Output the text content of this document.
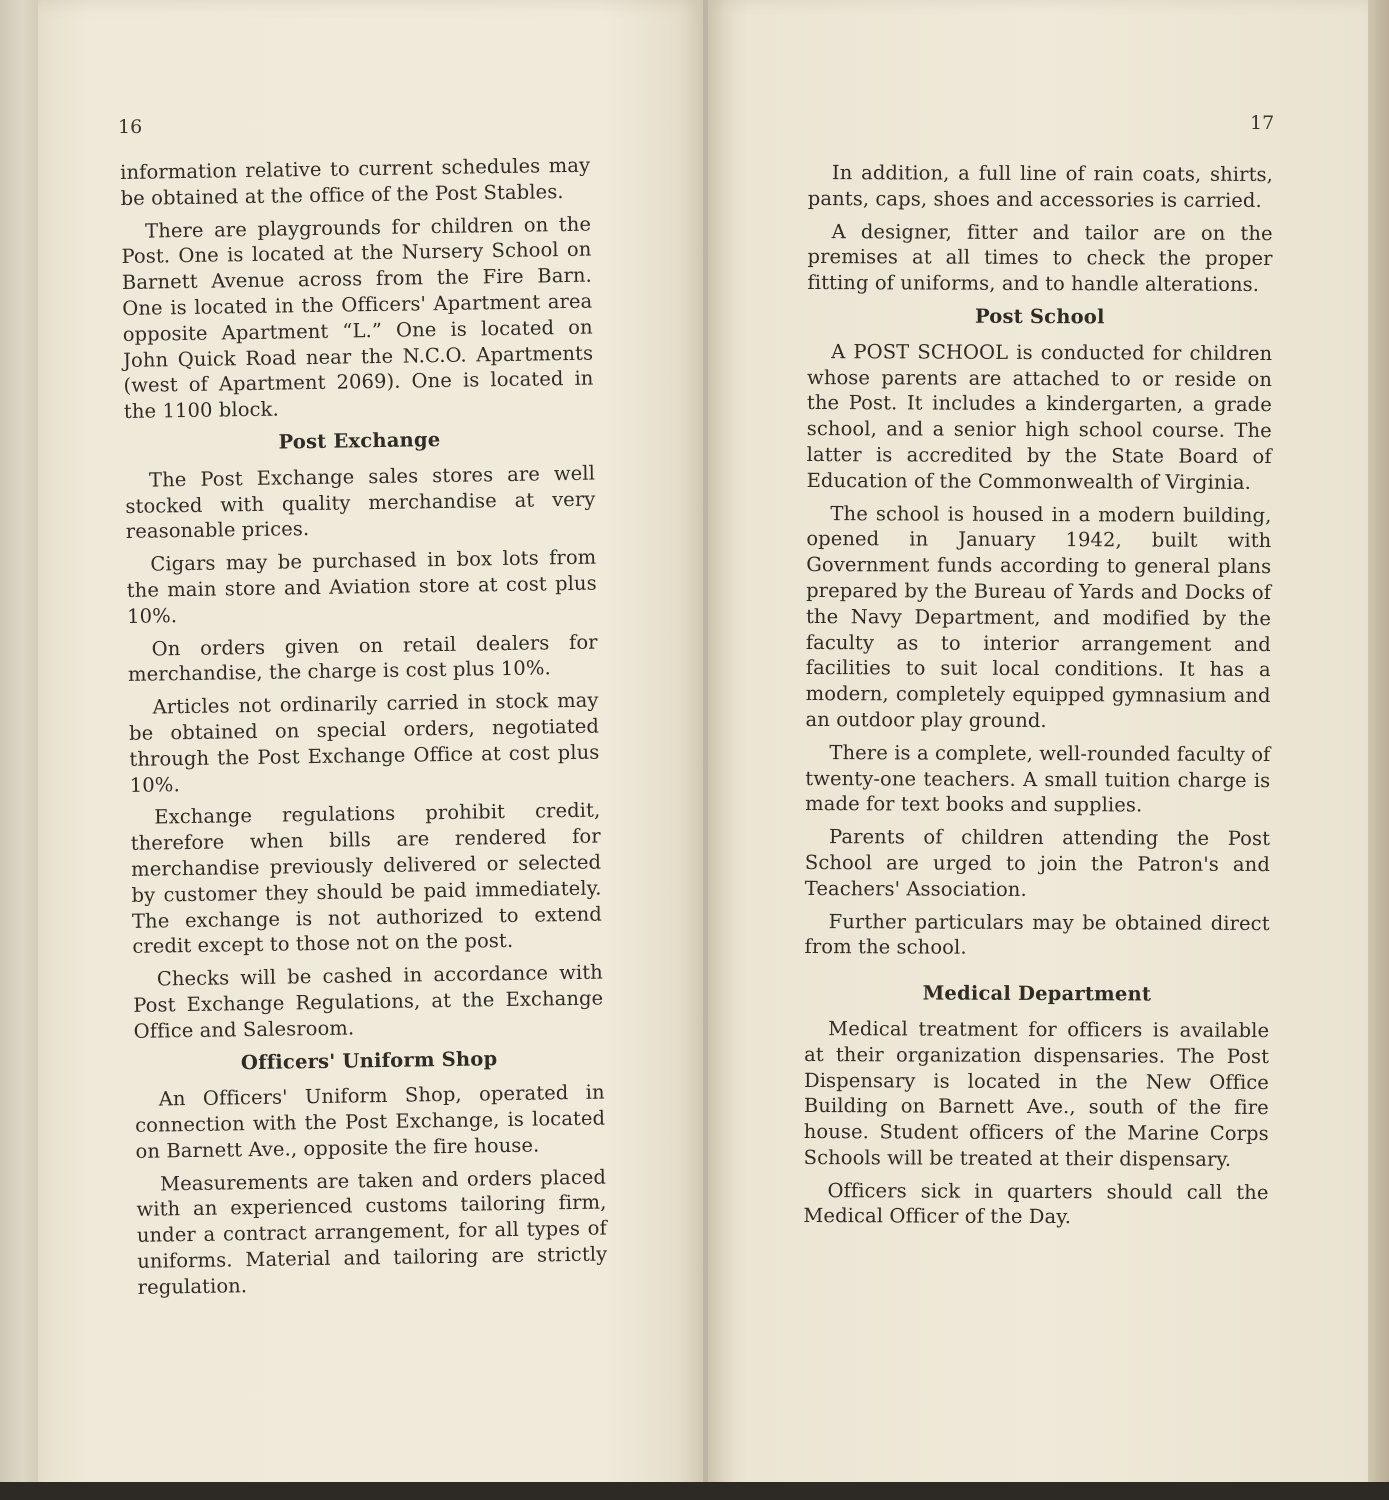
16

information relative to current schedules may be obtained at the office of the Post Stables.

There are playgrounds for children on the Post. One is located at the Nursery School on Barnett Avenue across from the Fire Barn. One is located in the Officers' Apartment area opposite Apartment “L.” One is located on John Quick Road near the N.C.O. Apartments (west of Apartment 2069). One is located in the 1100 block.

Post Exchange

The Post Exchange sales stores are well stocked with quality merchandise at very reasonable prices.

Cigars may be purchased in box lots from the main store and Aviation store at cost plus 10%.

On orders given on retail dealers for merchandise, the charge is cost plus 10%.

Articles not ordinarily carried in stock may be obtained on special orders, negotiated through the Post Exchange Office at cost plus 10%.

Exchange regulations prohibit credit, therefore when bills are rendered for merchandise previously delivered or selected by customer they should be paid immediately. The exchange is not authorized to extend credit except to those not on the post.

Checks will be cashed in accordance with Post Exchange Regulations, at the Exchange Office and Salesroom.

Officers' Uniform Shop

An Officers' Uniform Shop, operated in connection with the Post Exchange, is located on Barnett Ave., opposite the fire house.

Measurements are taken and orders placed with an experienced customs tailoring firm, under a contract arrangement, for all types of uniforms. Material and tailoring are strictly regulation.

17

In addition, a full line of rain coats, shirts, pants, caps, shoes and accessories is carried.

A designer, fitter and tailor are on the premises at all times to check the proper fitting of uniforms, and to handle alterations.

Post School

A POST SCHOOL is conducted for children whose parents are attached to or reside on the Post. It includes a kindergarten, a grade school, and a senior high school course. The latter is accredited by the State Board of Education of the Commonwealth of Virginia.

The school is housed in a modern building, opened in January 1942, built with Government funds according to general plans prepared by the Bureau of Yards and Docks of the Navy Department, and modified by the faculty as to interior arrangement and facilities to suit local conditions. It has a modern, completely equipped gymnasium and an outdoor play ground.

There is a complete, well-rounded faculty of twenty-one teachers. A small tuition charge is made for text books and supplies.

Parents of children attending the Post School are urged to join the Patron's and Teachers' Association.

Further particulars may be obtained direct from the school.

Medical Department

Medical treatment for officers is available at their organization dispensaries. The Post Dispensary is located in the New Office Building on Barnett Ave., south of the fire house. Student officers of the Marine Corps Schools will be treated at their dispensary.

Officers sick in quarters should call the Medical Officer of the Day.
